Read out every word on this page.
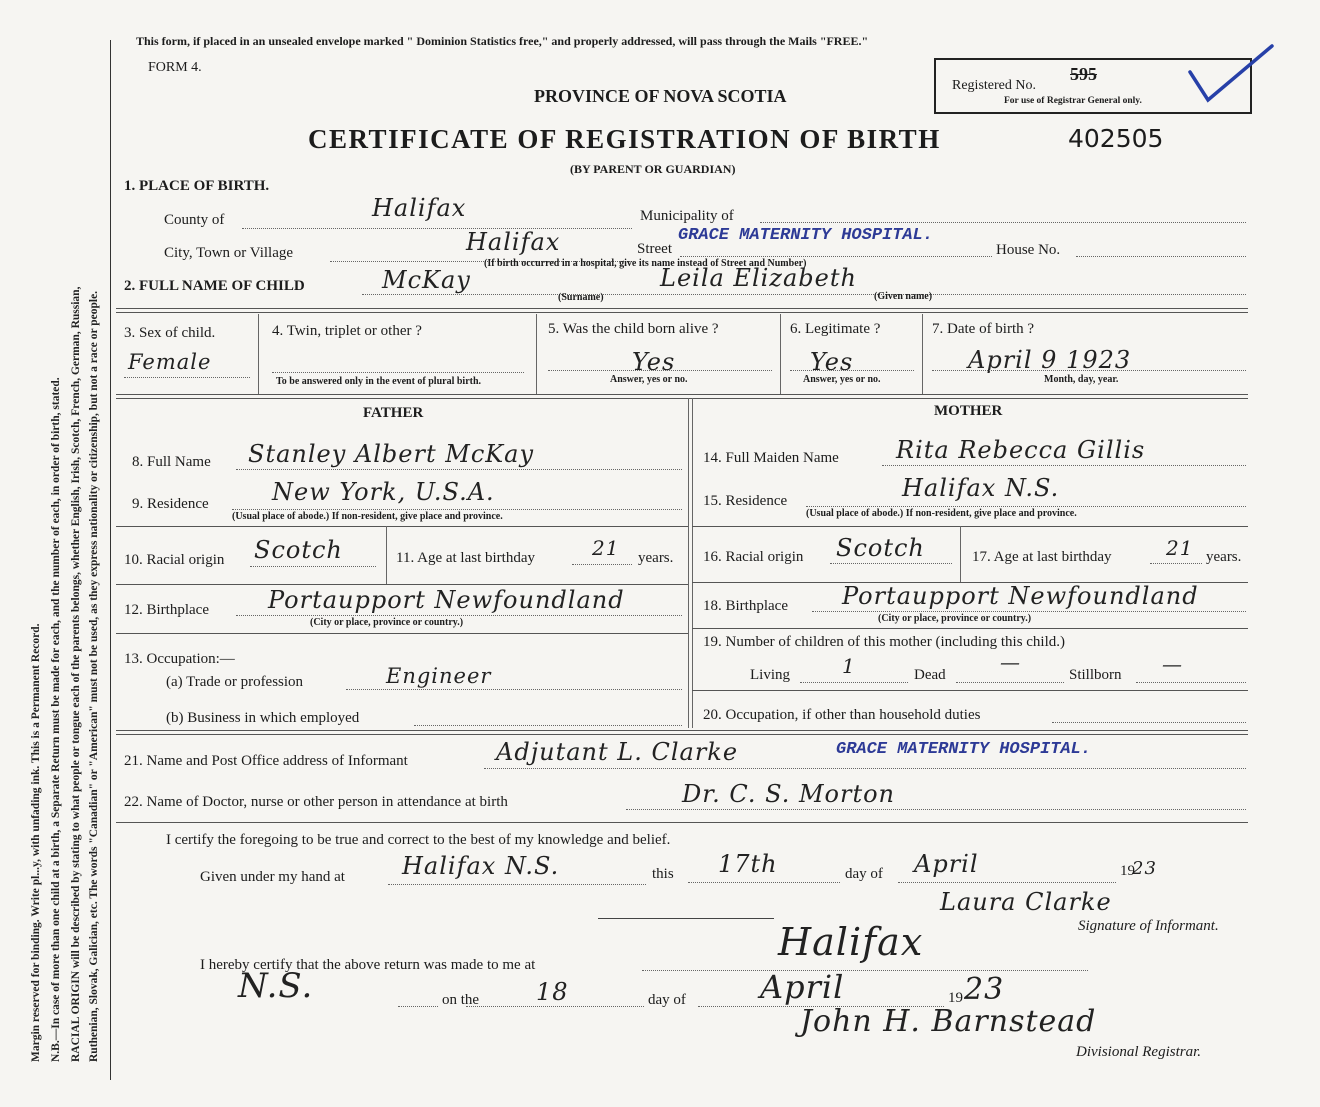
Margin reserved for binding. Write pl...y, with unfading ink. This is a Permanent Record. N.B.—In case of more than one child at a birth, a Separate Return must be made for each, and the number of each, in order of birth, stated. RACIAL ORIGIN will be described by stating to what people or tongue each of the parents belongs, whether English, Irish, Scotch, French, German, Russian, Ruthenian, Slovak, Galician, etc. The words "Canadian" or "American" must not be used, as they express nationality or citizenship, but not a race or people.
This form, if placed in an unsealed envelope marked " Dominion Statistics free," and properly addressed, will pass through the Mails "FREE."
FORM 4.
PROVINCE OF NOVA SCOTIA
CERTIFICATE OF REGISTRATION OF BIRTH	402505
(BY PARENT OR GUARDIAN)
Registered No.
595
For use of Registrar General only.
1. PLACE OF BIRTH.
County of	Halifax	Municipality of
City, Town or Village	Halifax	Street
GRACE MATERNITY HOSPITAL.
House No.
(If birth occurred in a hospital, give its name instead of Street and Number)
2. FULL NAME OF CHILD	McKay
(Surname)
Leila Elizabeth
(Given name)
3. Sex of child.
Female
4. Twin, triplet or other ?
To be answered only in the event of plural birth.
5. Was the child born alive ?
Yes
Answer, yes or no.
6. Legitimate ?
Yes
Answer, yes or no.
7. Date of birth ?
April 9 1923
Month, day, year.
FATHER	MOTHER
8. Full Name Stanley Albert McKay
9. Residence	New York, U.S.A.
(Usual place of abode.) If non-resident, give place and province.
10. Racial origin Scotch	11. Age at last birthday	21 years.
12. Birthplace Portaupport Newfoundland
(City or place, province or country.)
13. Occupation:—
(a) Trade or profession	Engineer
(b) Business in which employed
14. Full Maiden Name Rita Rebecca Gillis
15. Residence	Halifax N.S.
(Usual place of abode.) If non-resident, give place and province.
16. Racial origin Scotch	17. Age at last birthday	21 years.
18. Birthplace Portaupport Newfoundland
(City or place, province or country.)
19. Number of children of this mother (including this child.)
Living	1	Dead
—
Stillborn —
20. Occupation, if other than household duties
21. Name and Post Office address of Informant	Adjutant L. Clarke	GRACE MATERNITY HOSPITAL.
22. Name of Doctor, nurse or other person in attendance at birth	Dr. C. S. Morton
I certify the foregoing to be true and correct to the best of my knowledge and belief.
Given under my hand at Halifax N.S.	this 17th	day of April	19
23
Laura Clarke
Signature of Informant.
I hereby certify that the above return was made to me at
Halifax
N.S.	on the 18	day of April	19 23
John H. Barnstead
Divisional Registrar.
